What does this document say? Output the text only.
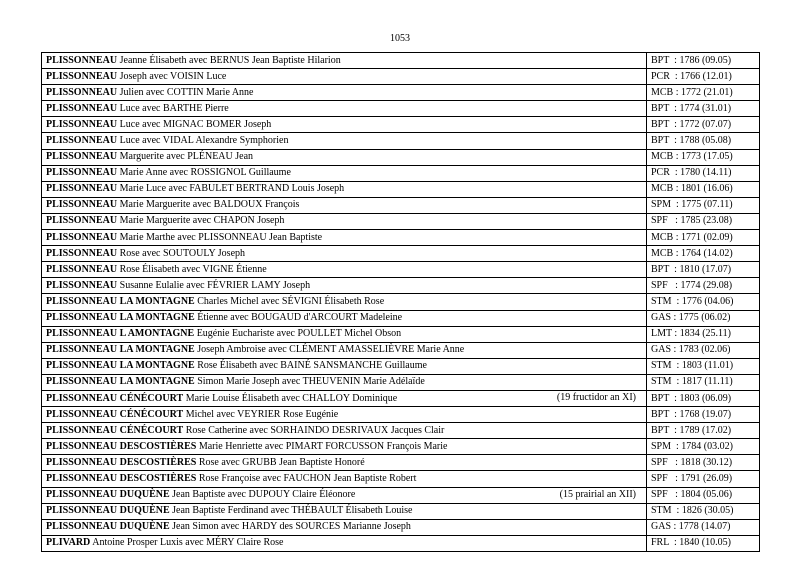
1053
PLISSONNEAU Jeanne Élisabeth avec BERNUS Jean Baptiste Hilarion	BPT  : 1786 (09.05)
PLISSONNEAU Joseph avec VOISIN Luce	PCR  : 1766 (12.01)
PLISSONNEAU Julien avec COTTIN Marie Anne	MCB : 1772 (21.01)
PLISSONNEAU Luce avec BARTHE Pierre	BPT  : 1774 (31.01)
PLISSONNEAU Luce avec MIGNAC BOMER Joseph	BPT  : 1772 (07.07)
PLISSONNEAU Luce avec VIDAL Alexandre Symphorien	BPT  : 1788 (05.08)
PLISSONNEAU Marguerite avec PLÉNEAU Jean	MCB : 1773 (17.05)
PLISSONNEAU Marie Anne avec ROSSIGNOL Guillaume	PCR  : 1780 (14.11)
PLISSONNEAU Marie Luce avec FABULET BERTRAND Louis Joseph	MCB : 1801 (16.06)
PLISSONNEAU Marie Marguerite avec BALDOUX François	SPM  : 1775 (07.11)
PLISSONNEAU Marie Marguerite avec CHAPON Joseph	SPF   : 1785 (23.08)
PLISSONNEAU Marie Marthe avec PLISSONNEAU Jean Baptiste	MCB : 1771 (02.09)
PLISSONNEAU Rose avec SOUTOULY Joseph	MCB : 1764 (14.02)
PLISSONNEAU Rose Élisabeth avec VIGNE Étienne	BPT  : 1810 (17.07)
PLISSONNEAU Susanne Eulalie avec FÉVRIER LAMY Joseph	SPF   : 1774 (29.08)
PLISSONNEAU LA MONTAGNE Charles Michel avec SÉVIGNI Élisabeth Rose	STM  : 1776 (04.06)
PLISSONNEAU LA MONTAGNE Étienne avec BOUGAUD d'ARCOURT Madeleine	GAS : 1775 (06.02)
PLISSONNEAU L AMONTAGNE Eugénie Euchariste avec POULLET Michel Obson	LMT : 1834 (25.11)
PLISSONNEAU LA MONTAGNE Joseph Ambroise avec CLÉMENT AMASSELIÈVRE Marie Anne	GAS : 1783 (02.06)
PLISSONNEAU LA MONTAGNE Rose Élisabeth avec BAINÉ SANSMANCHE Guillaume	STM  : 1803 (11.01)
PLISSONNEAU LA MONTAGNE Simon Marie Joseph avec THEUVENIN Marie Adélaïde	STM  : 1817 (11.11)
PLISSONNEAU CÉNÉCOURT Marie Louise Élisabeth avec CHALLOY Dominique (19 fructidor an XI)	BPT  : 1803 (06.09)
PLISSONNEAU CÉNÉCOURT Michel avec VEYRIER Rose Eugénie	BPT  : 1768 (19.07)
PLISSONNEAU CÉNÉCOURT Rose Catherine avec SORHAINDO DESRIVAUX Jacques Clair	BPT  : 1789 (17.02)
PLISSONNEAU DESCOSTIÈRES Marie Henriette avec PIMART FORCUSSON François Marie	SPM  : 1784 (03.02)
PLISSONNEAU DESCOSTIÈRES Rose avec GRUBB Jean Baptiste Honoré	SPF   : 1818 (30.12)
PLISSONNEAU DESCOSTIÈRES Rose Françoise avec FAUCHON Jean Baptiste Robert	SPF   : 1791 (26.09)
PLISSONNEAU DUQUÈNE Jean Baptiste avec DUPOUY Claire Éléonore (15 prairial an XII)	SPF   : 1804 (05.06)
PLISSONNEAU DUQUÈNE Jean Baptiste Ferdinand avec THÉBAULT Élisabeth Louise	STM  : 1826 (30.05)
PLISSONNEAU DUQUÈNE Jean Simon avec HARDY des SOURCES Marianne Joseph	GAS : 1778 (14.07)
PLIVARD Antoine Prosper Luxis avec MÉRY Claire Rose	FRL  : 1840 (10.05)
